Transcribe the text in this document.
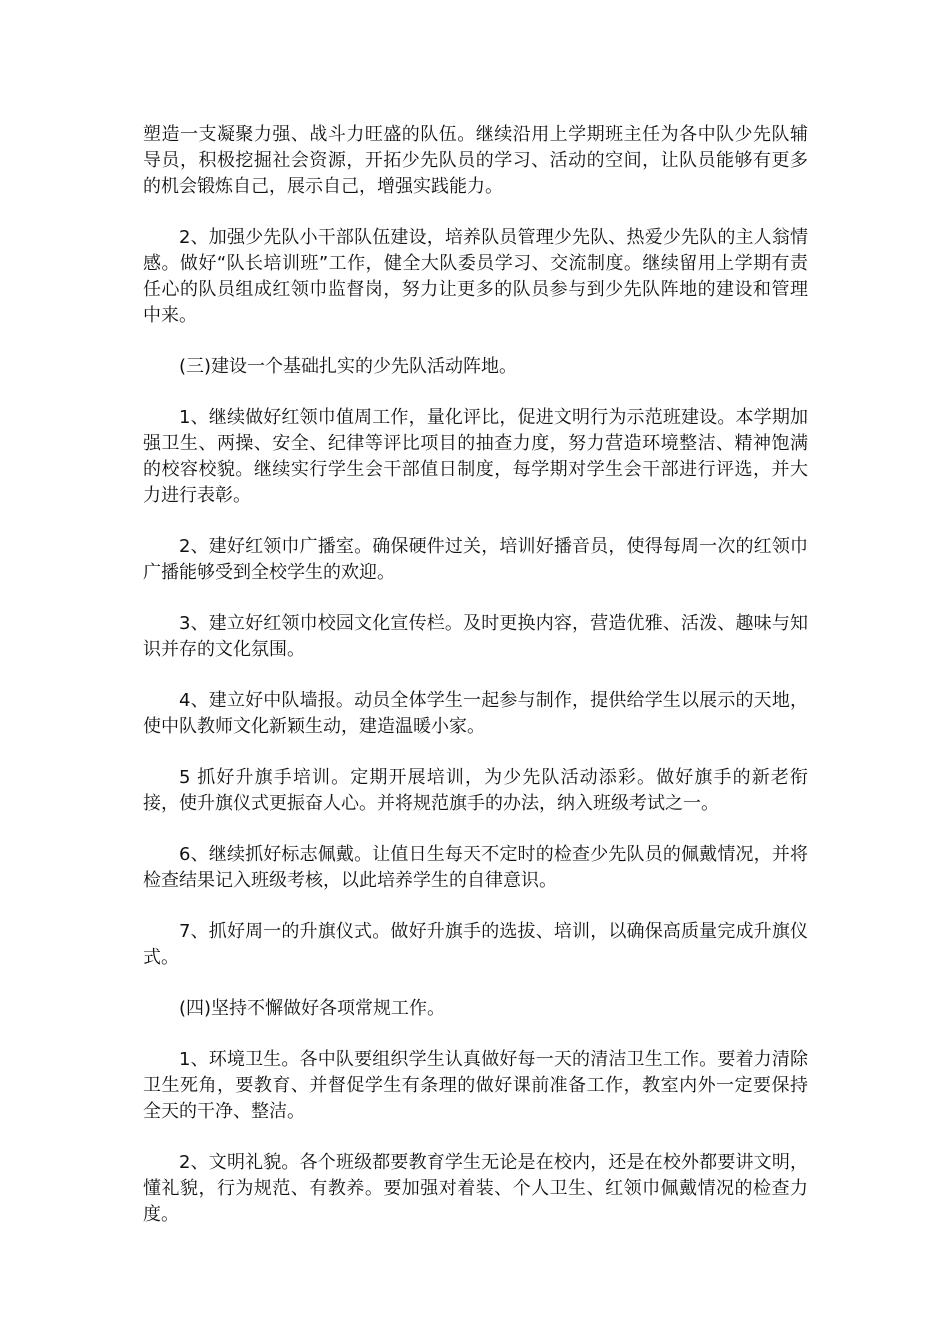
塑造一支凝聚力强、战斗力旺盛的队伍。继续沿用上学期班主任为各中队少先队辅导员，积极挖掘社会资源，开拓少先队员的学习、活动的空间，让队员能够有更多的机会锻炼自己，展示自己，增强实践能力。

2、加强少先队小干部队伍建设，培养队员管理少先队、热爱少先队的主人翁情感。做好“队长培训班”工作，健全大队委员学习、交流制度。继续留用上学期有责任心的队员组成红领巾监督岗，努力让更多的队员参与到少先队阵地的建设和管理中来。

(三)建设一个基础扎实的少先队活动阵地。

1、继续做好红领巾值周工作，量化评比，促进文明行为示范班建设。本学期加强卫生、两操、安全、纪律等评比项目的抽查力度，努力营造环境整洁、精神饱满的校容校貌。继续实行学生会干部值日制度，每学期对学生会干部进行评选，并大力进行表彰。

2、建好红领巾广播室。确保硬件过关，培训好播音员，使得每周一次的红领巾广播能够受到全校学生的欢迎。

3、建立好红领巾校园文化宣传栏。及时更换内容，营造优雅、活泼、趣味与知识并存的文化氛围。

4、建立好中队墙报。动员全体学生一起参与制作，提供给学生以展示的天地，使中队教师文化新颖生动，建造温暖小家。

5 抓好升旗手培训。定期开展培训，为少先队活动添彩。做好旗手的新老衔接，使升旗仪式更振奋人心。并将规范旗手的办法，纳入班级考试之一。

6、继续抓好标志佩戴。让值日生每天不定时的检查少先队员的佩戴情况，并将检查结果记入班级考核，以此培养学生的自律意识。

7、抓好周一的升旗仪式。做好升旗手的选拔、培训，以确保高质量完成升旗仪式。

(四)坚持不懈做好各项常规工作。

1、环境卫生。各中队要组织学生认真做好每一天的清洁卫生工作。要着力清除卫生死角，要教育、并督促学生有条理的做好课前准备工作，教室内外一定要保持全天的干净、整洁。

2、文明礼貌。各个班级都要教育学生无论是在校内，还是在校外都要讲文明，懂礼貌，行为规范、有教养。要加强对着装、个人卫生、红领巾佩戴情况的检查力度。
